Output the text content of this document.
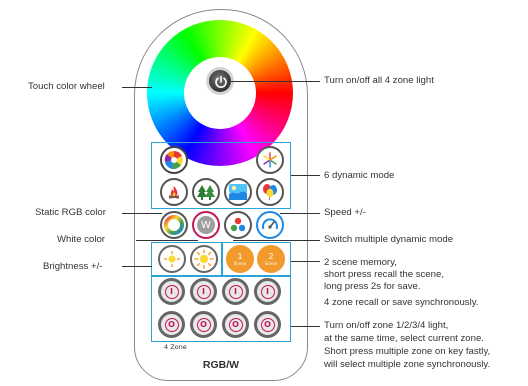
W
1
Scene
2
Scene
I	I	I	I
O	O	O	O
4 Zone
RGB/W
Touch color wheel
Turn on/off all 4 zone light
6 dynamic mode
Static RGB color	Speed +/-
White color	Switch multiple dynamic mode
Brightness +/-	2 scene memory,
short press recall the scene,
long press 2s for save.
4 zone recall or save synchronously.
Turn on/off zone 1/2/3/4 light,
at the same time, select current zone.
Short press multiple zone on key fastly,
will select multiple zone synchronously.
